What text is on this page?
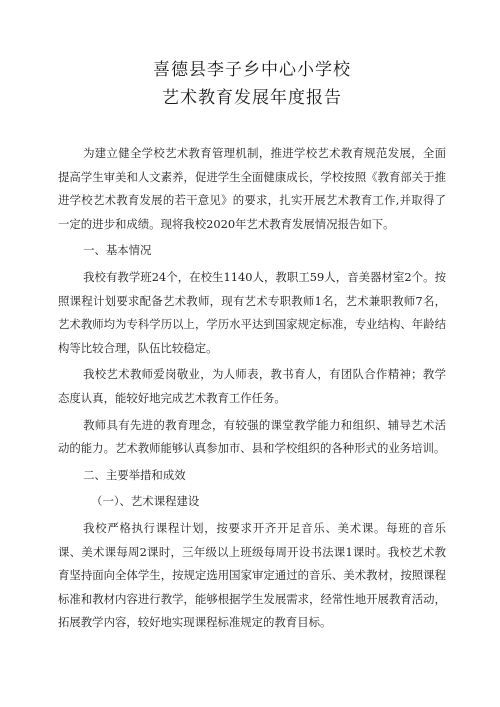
喜德县李子乡中心小学校
艺术教育发展年度报告

为建立健全学校艺术教育管理机制，推进学校艺术教育规范发展，全面提高学生审美和人文素养，促进学生全面健康成长，学校按照《教育部关于推进学校艺术教育发展的若干意见》的要求，扎实开展艺术教育工作,并取得了一定的进步和成绩。现将我校2020年艺术教育发展情况报告如下。

一、基本情况

我校有教学班24个，在校生1140人，教职工59人，音美器材室2个。按照课程计划要求配备艺术教师，现有艺术专职教师1名，艺术兼职教师7名，艺术教师均为专科学历以上，学历水平达到国家规定标准，专业结构、年龄结构等比较合理，队伍比较稳定。

我校艺术教师爱岗敬业，为人师表，教书育人，有团队合作精神；教学态度认真，能较好地完成艺术教育工作任务。

教师具有先进的教育理念，有较强的课堂教学能力和组织、辅导艺术活动的能力。艺术教师能够认真参加市、县和学校组织的各种形式的业务培训。

二、主要举措和成效

（一）、艺术课程建设

我校严格执行课程计划，按要求开齐开足音乐、美术课。每班的音乐课、美术课每周2课时，三年级以上班级每周开设书法课1课时。我校艺术教育坚持面向全体学生，按规定选用国家审定通过的音乐、美术教材，按照课程标准和教材内容进行教学，能够根据学生发展需求，经常性地开展教育活动，拓展教学内容，较好地实现课程标准规定的教育目标。
